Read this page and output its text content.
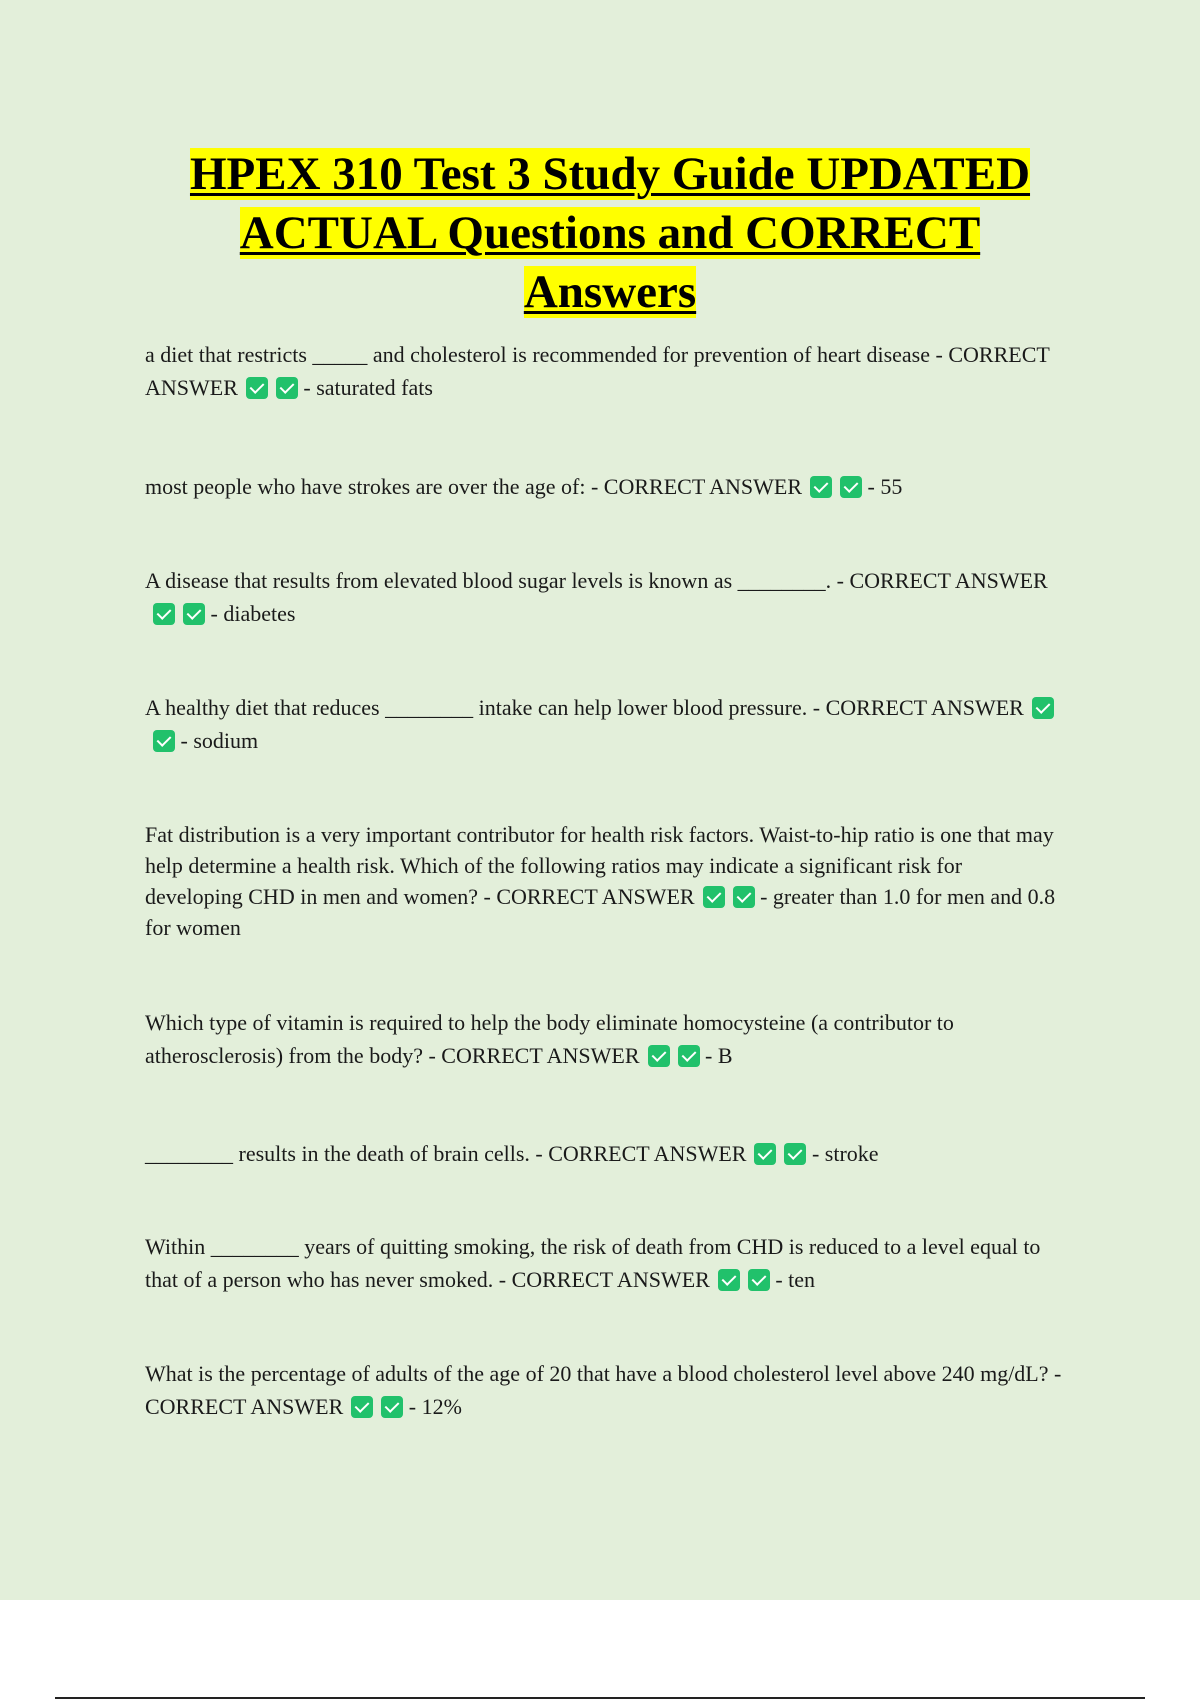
HPEX 310 Test 3 Study Guide UPDATED ACTUAL Questions and CORRECT Answers

a diet that restricts _____ and cholesterol is recommended for prevention of heart disease - CORRECT ANSWER	- saturated fats

most people who have strokes are over the age of: - CORRECT ANSWER	- 55

A disease that results from elevated blood sugar levels is known as ________. - CORRECT ANSWER - diabetes

A healthy diet that reduces ________ intake can help lower blood pressure. - CORRECT ANSWER - sodium

Fat distribution is a very important contributor for health risk factors. Waist-to-hip ratio is one that may help determine a health risk. Which of the following ratios may indicate a significant risk for developing CHD in men and women? - CORRECT ANSWER	- greater than 1.0 for men and 0.8 for women

Which type of vitamin is required to help the body eliminate homocysteine (a contributor to atherosclerosis) from the body? - CORRECT ANSWER	- B

________ results in the death of brain cells. - CORRECT ANSWER	- stroke

Within ________ years of quitting smoking, the risk of death from CHD is reduced to a level equal to that of a person who has never smoked. - CORRECT ANSWER	- ten

What is the percentage of adults of the age of 20 that have a blood cholesterol level above 240 mg/dL? - CORRECT ANSWER	- 12%
